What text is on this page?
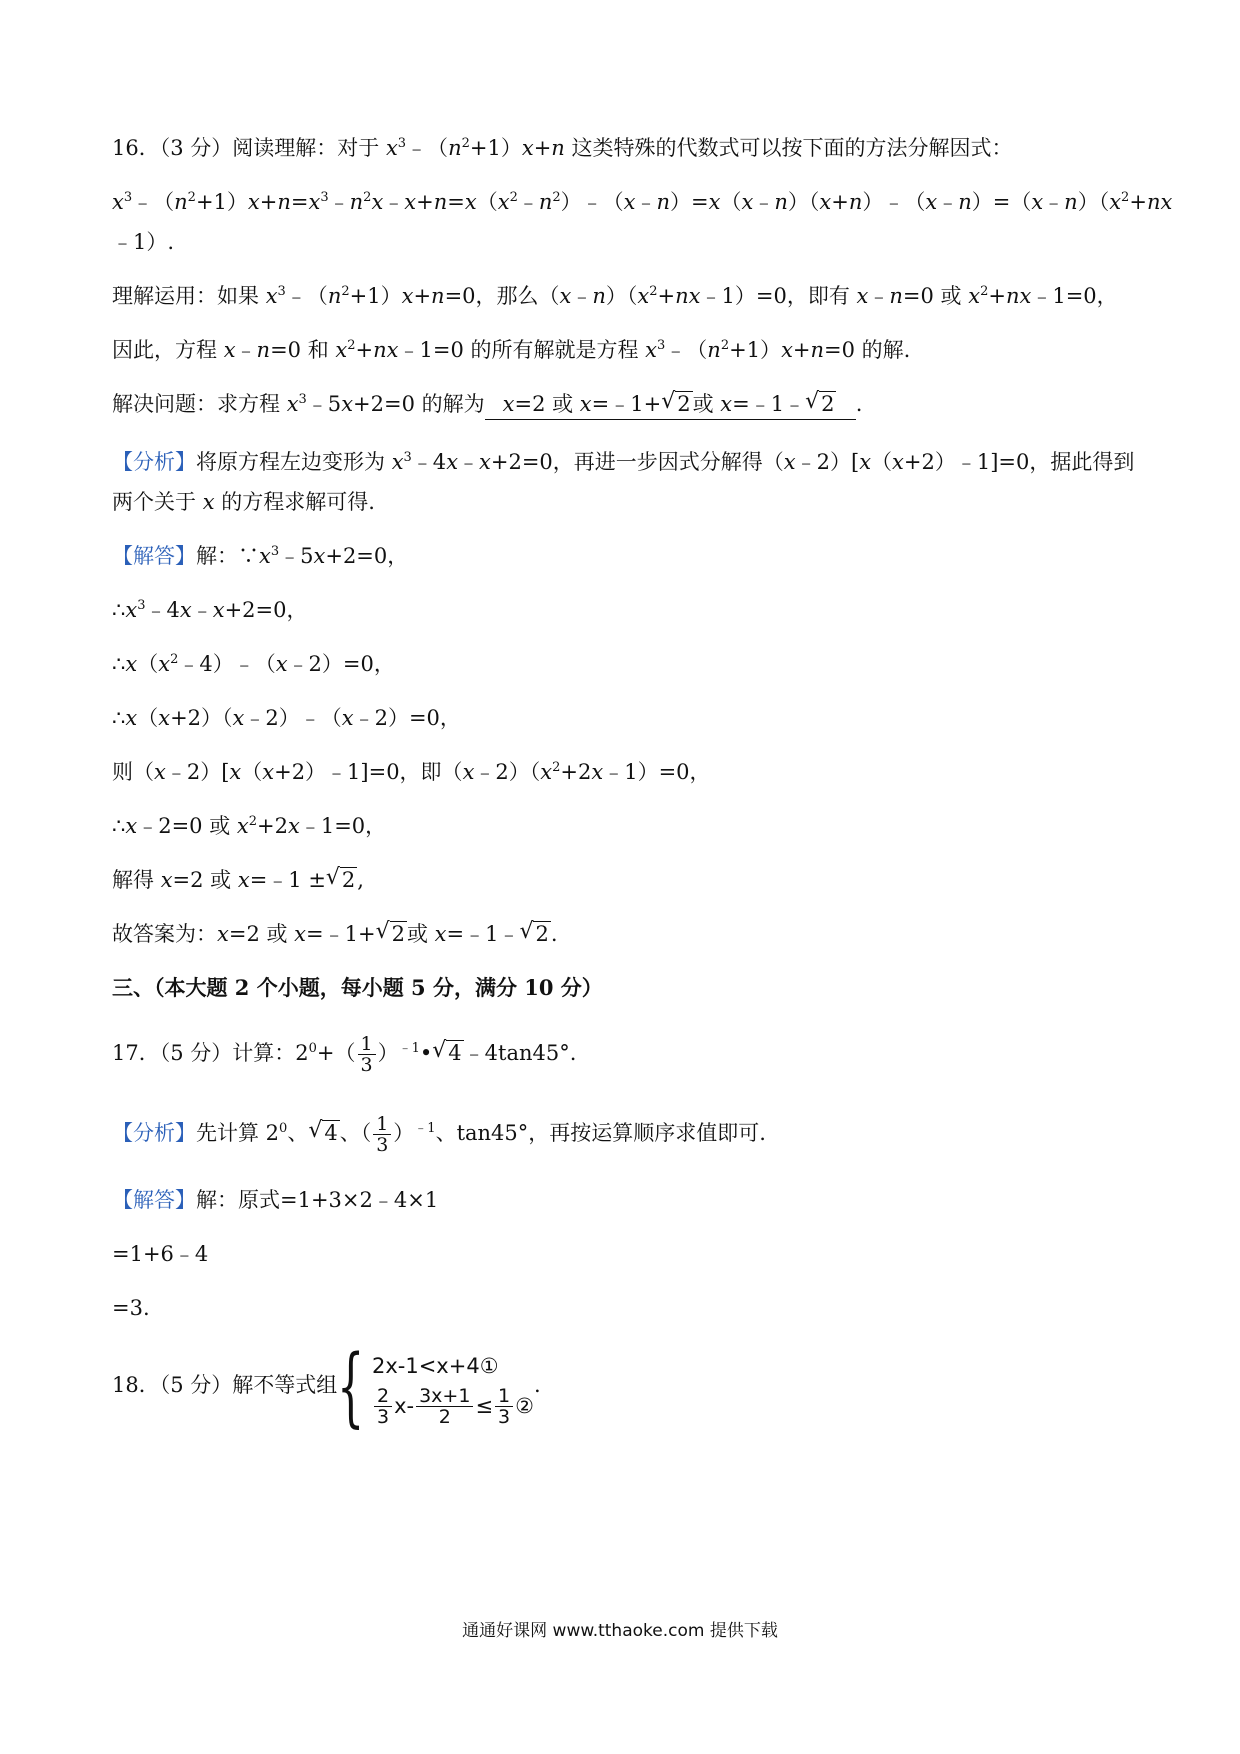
16．（3 分）阅读理解：对于 $x^3﹣(n^2+1)x+n$ 这类特殊的代数式可以按下面的方法分解因式：
$x^3﹣(n^2+1)x+n=x^3﹣n^2x﹣x+n=x(x^2﹣n^2)﹣(x﹣n)=x(x﹣n)(x+n)﹣(x﹣n)=(x﹣n)(x^2+nx$
﹣1）.
理解运用：如果 $x^3﹣(n^2+1)x+n=0$，那么$(x﹣n)(x^2+nx﹣1)=0$，即有 x﹣n=0 或 $x^2+nx﹣1=0$，
因此，方程 x﹣n=0 和 $x^2+nx﹣1=0$ 的所有解就是方程 $x^3﹣(n^2+1)x+n=0$ 的解.
解决问题：求方程 $x^3﹣5x+2=0$ 的解为 x=2 或 x=﹣1+ √ 2或 x=﹣1﹣ √ 2 .
【分析】将原方程左边变形为 $x^3﹣4x﹣x+2=0$，再进一步因式分解得（x﹣2）[x（x+2）﹣1]=0，据此得到
两个关于 x 的方程求解可得.
【解答】解：$\because x^3﹣5x+2=0$，
$\therefore x^3﹣4x﹣x+2=0$，
$\therefore x(x^2﹣4)﹣(x﹣2)=0$，
∴x（x+2）（x﹣2）﹣（x﹣2）=0，
则（x﹣2）[x（x+2）﹣1]=0，即$(x﹣2)(x^2+2x﹣1)=0$，
∴x﹣2=0 或 $x^2+2x﹣1=0$，
解得 x=2 或 x=﹣1 ± √ 2,
故答案为：x=2 或 x=﹣1+ √ 2或 x=﹣1﹣ √ 2.
三、（本大题 2 个小题，每小题 5 分，满分 10 分）
17．（5 分）计算：$2^0+( \frac{1}{3}$ ）$^{﹣1}•$ √ 4﹣4tan45°.
【分析】先计算 $2^0$、 √ 4、（ $\frac{1}{3} )^{﹣1}$、tan45°，再按运算顺序求值即可.
【解答】解：原式=1+3×2﹣4×1
=1+6﹣4
=3.
18．（5 分）解不等式组{ 2x-1<x+4①
$\frac{2}{3} x- \frac{3x+1}{2} \le \frac{1}{3}$ ②
.
通通好课网 www.tthaoke.com 提供下载
